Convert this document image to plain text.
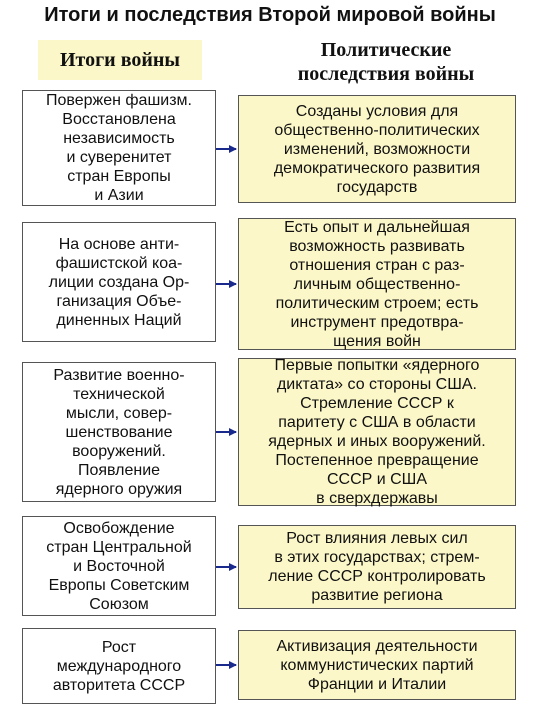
Итоги и последствия Второй мировой войны
Итоги войны	Политические
последствия войны
Повержен фашизм.
Восстановлена
независимость
и суверенитет
стран Европы
и Азии
Созданы условия для
общественно-политических
изменений, возможности
демократического развития
государств
На основе анти-
фашистской коа-
лиции создана Ор-
ганизация Объе-
диненных Наций
Есть опыт и дальнейшая
возможность развивать
отношения стран с раз-
личным общественно-
политическим строем; есть
инструмент предотвра-
щения войн
Развитие военно-
технической
мысли, совер-
шенствование
вооружений.
Появление
ядерного оружия
Первые попытки «ядерного
диктата» со стороны США.
Стремление СССР к
паритету с США в области
ядерных и иных вооружений.
Постепенное превращение
СССР и США
в сверхдержавы
Освобождение
стран Центральной
и Восточной
Европы Советским
Союзом
Рост влияния левых сил
в этих государствах; стрем-
ление СССР контролировать
развитие региона
Рост
международного
авторитета СССР
Активизация деятельности
коммунистических партий
Франции и Италии
